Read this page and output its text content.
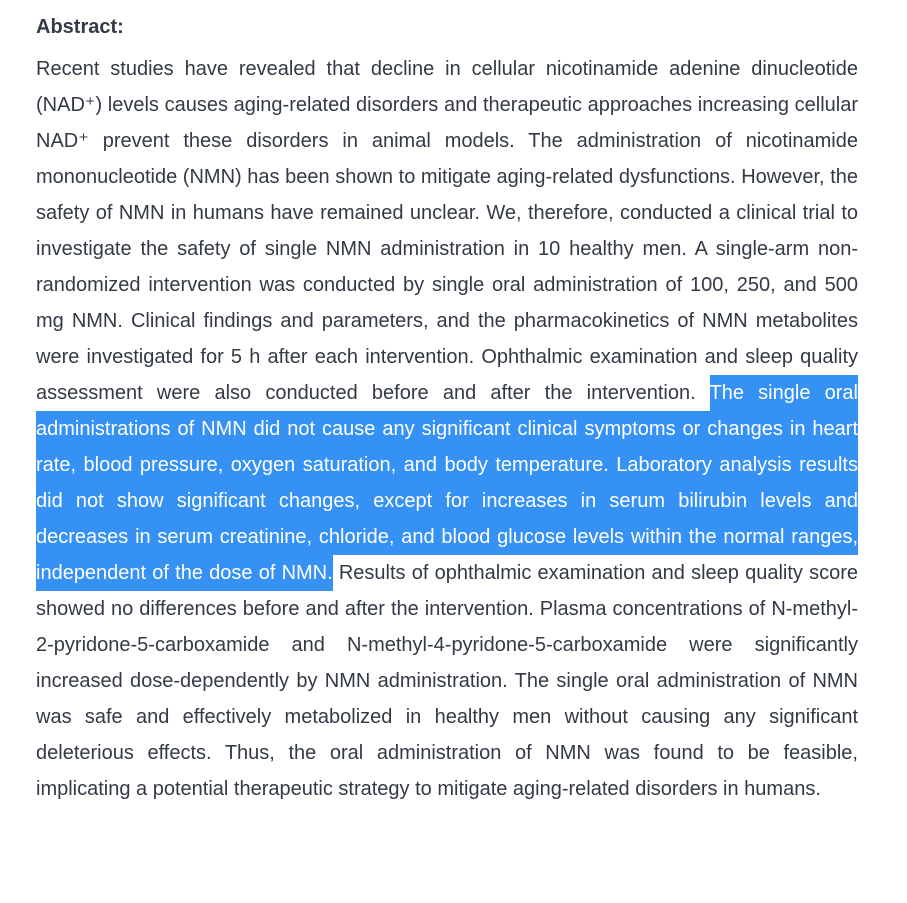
Abstract:

Recent studies have revealed that decline in cellular nicotinamide adenine dinucleotide (NAD⁺) levels causes aging-related disorders and therapeutic approaches increasing cellular NAD⁺ prevent these disorders in animal models. The administration of nicotinamide mononucleotide (NMN) has been shown to mitigate aging-related dysfunctions. However, the safety of NMN in humans have remained unclear. We, therefore, conducted a clinical trial to investigate the safety of single NMN administration in 10 healthy men. A single-arm non-randomized intervention was conducted by single oral administration of 100, 250, and 500 mg NMN. Clinical findings and parameters, and the pharmacokinetics of NMN metabolites were investigated for 5 h after each intervention. Ophthalmic examination and sleep quality assessment were also conducted before and after the intervention. The single oral administrations of NMN did not cause any significant clinical symptoms or changes in heart rate, blood pressure, oxygen saturation, and body temperature. Laboratory analysis results did not show significant changes, except for increases in serum bilirubin levels and decreases in serum creatinine, chloride, and blood glucose levels within the normal ranges, independent of the dose of NMN. Results of ophthalmic examination and sleep quality score showed no differences before and after the intervention. Plasma concentrations of N-methyl-2-pyridone-5-carboxamide and N-methyl-4-pyridone-5-carboxamide were significantly increased dose-dependently by NMN administration. The single oral administration of NMN was safe and effectively metabolized in healthy men without causing any significant deleterious effects. Thus, the oral administration of NMN was found to be feasible, implicating a potential therapeutic strategy to mitigate aging-related disorders in humans.
